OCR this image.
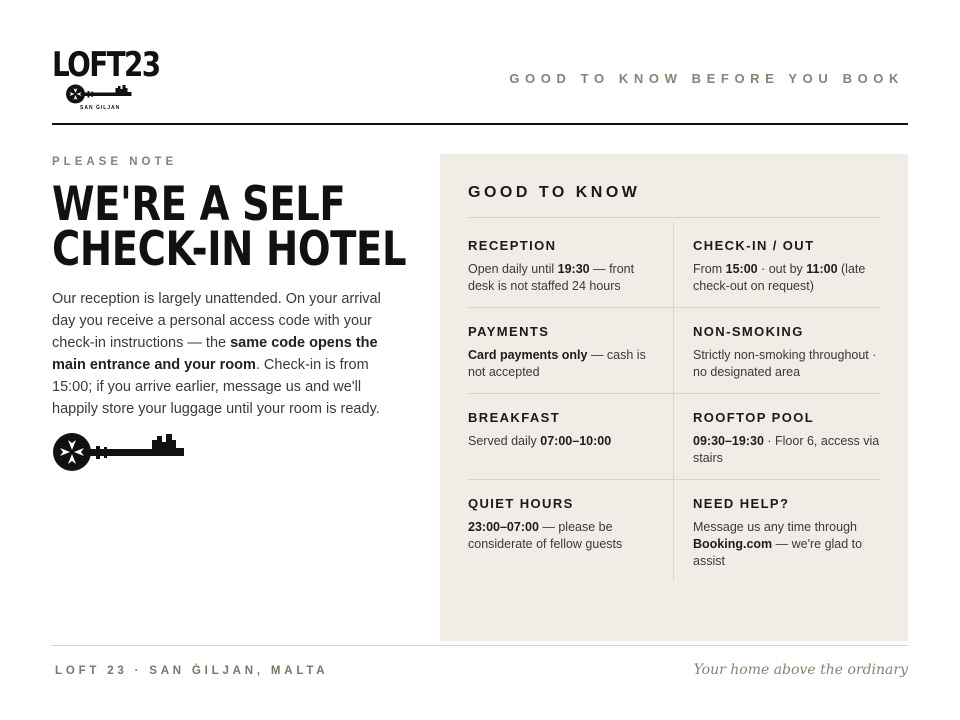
LOFT23
SAN ĠILJAN
GOOD TO KNOW BEFORE YOU BOOK
PLEASE NOTE
WE'RE A SELF
CHECK-IN HOTEL

Our reception is largely unattended. On your arrival day you receive a personal access code with your check-in instructions — the same code opens the main entrance and your room. Check-in is from 15:00; if you arrive earlier, message us and we'll happily store your luggage until your room is ready.

GOOD TO KNOW
RECEPTION
Open daily until 19:30 — front desk is not staffed 24 hours
CHECK-IN / OUT
From 15:00 · out by 11:00 (late check-out on request)
PAYMENTS
Card payments only — cash is not accepted
NON-SMOKING
Strictly non-smoking throughout · no designated area
BREAKFAST
Served daily 07:00–10:00
ROOFTOP POOL
09:30–19:30 · Floor 6, access via stairs
QUIET HOURS
23:00–07:00 — please be considerate of fellow guests
NEED HELP?
Message us any time through Booking.com — we're glad to assist
LOFT 23 · SAN ĠILJAN, MALTA	Your home above the ordinary
